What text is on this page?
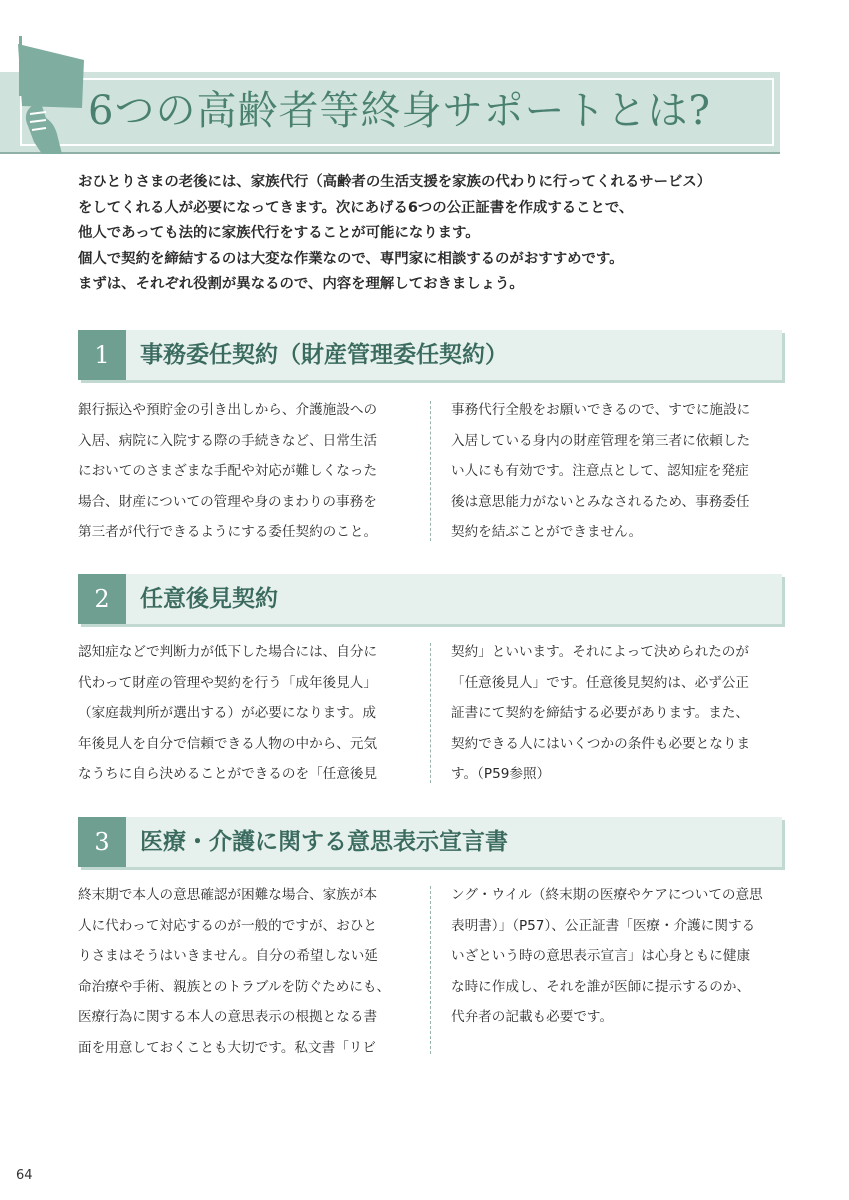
6つの高齢者等終身サポートとは?

おひとりさまの老後には、家族代行（高齢者の生活支援を家族の代わりに行ってくれるサービス）

をしてくれる人が必要になってきます。次にあげる6つの公正証書を作成することで、

他人であっても法的に家族代行をすることが可能になります。

個人で契約を締結するのは大変な作業なので、専門家に相談するのがおすすめです。

まずは、それぞれ役割が異なるので、内容を理解しておきましょう。

1	事務委任契約（財産管理委任契約）

銀行振込や預貯金の引き出しから、介護施設への

入居、病院に入院する際の手続きなど、日常生活

においてのさまざまな手配や対応が難しくなった

場合、財産についての管理や身のまわりの事務を

第三者が代行できるようにする委任契約のこと。

事務代行全般をお願いできるので、すでに施設に

入居している身内の財産管理を第三者に依頼した

い人にも有効です。注意点として、認知症を発症

後は意思能力がないとみなされるため、事務委任

契約を結ぶことができません。

2	任意後見契約

認知症などで判断力が低下した場合には、自分に

代わって財産の管理や契約を行う「成年後見人」

（家庭裁判所が選出する）が必要になります。成

年後見人を自分で信頼できる人物の中から、元気

なうちに自ら決めることができるのを「任意後見

契約」といいます。それによって決められたのが

「任意後見人」です。任意後見契約は、必ず公正

証書にて契約を締結する必要があります。また、

契約できる人にはいくつかの条件も必要となりま

す。（P59参照）

3	医療・介護に関する意思表示宣言書

終末期で本人の意思確認が困難な場合、家族が本

人に代わって対応するのが一般的ですが、おひと

りさまはそうはいきません。自分の希望しない延

命治療や手術、親族とのトラブルを防ぐためにも、

医療行為に関する本人の意思表示の根拠となる書

面を用意しておくことも大切です。私文書「リビ

ング・ウイル（終末期の医療やケアについての意思

表明書）」（P57）、公正証書「医療・介護に関する

いざという時の意思表示宣言」は心身ともに健康

な時に作成し、それを誰が医師に提示するのか、

代弁者の記載も必要です。

64
